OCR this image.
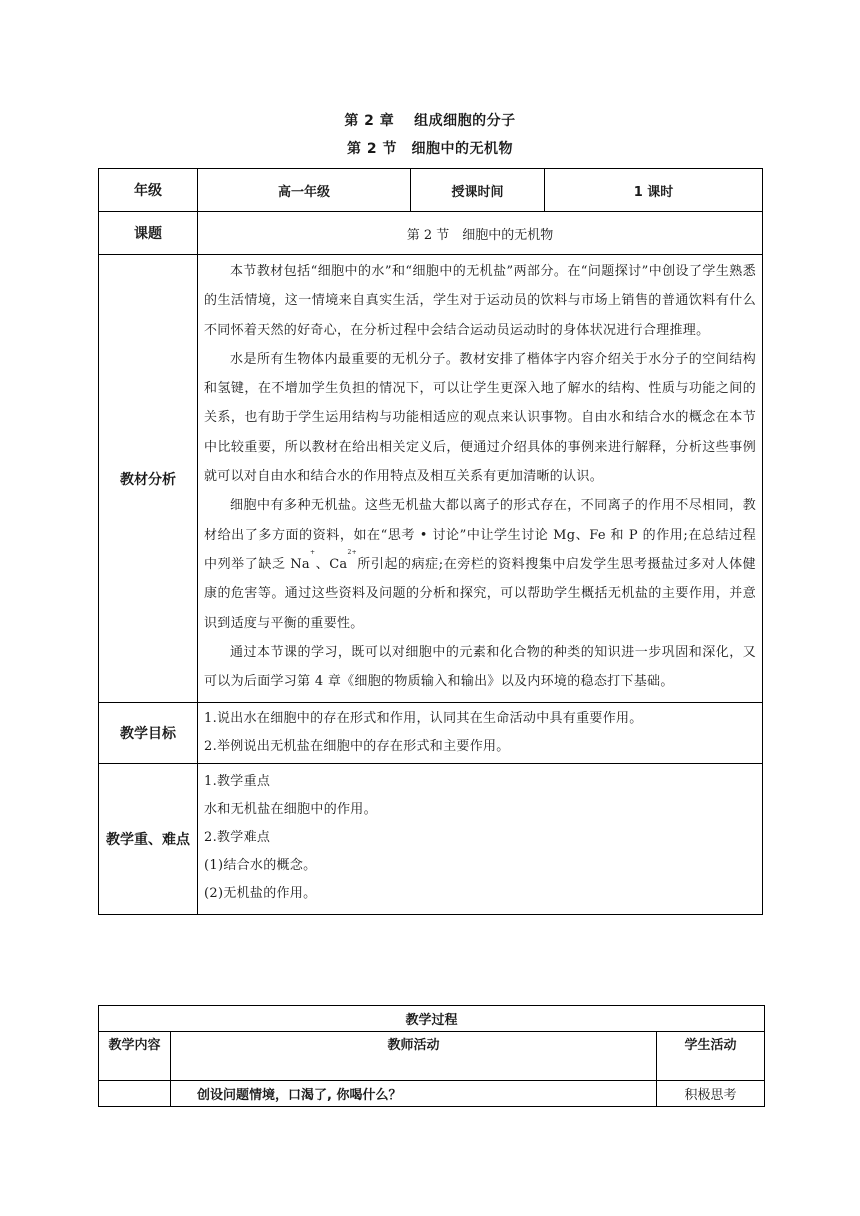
第 2 章　 组成细胞的分子
第 2 节　细胞中的无机物
年级	高一年级	授课时间	1 课时
课题	第 2 节　细胞中的无机物		
教材分析	本节教材包括“细胞中的水”和“细胞中的无机盐”两部分。在“问题探讨”中创设了学生熟悉的生活情境，这一情境来自真实生活，学生对于运动员的饮料与市场上销售的普通饮料有什么不同怀着天然的好奇心，在分析过程中会结合运动员运动时的身体状况进行合理推理。

水是所有生物体内最重要的无机分子。教材安排了楷体字内容介绍关于水分子的空间结构和氢键，在不增加学生负担的情况下，可以让学生更深入地了解水的结构、性质与功能之间的关系，也有助于学生运用结构与功能相适应的观点来认识事物。自由水和结合水的概念在本节中比较重要，所以教材在给出相关定义后，便通过介绍具体的事例来进行解释，分析这些事例就可以对自由水和结合水的作用特点及相互关系有更加清晰的认识。

细胞中有多种无机盐。这些无机盐大都以离子的形式存在，不同离子的作用不尽相同，教材给出了多方面的资料，如在“思考 • 讨论”中让学生讨论 Mg、Fe 和 P 的作用;在总结过程中列举了缺乏 Na+、$Ca^{2+}$所引起的病症;在旁栏的资料搜集中启发学生思考摄盐过多对人体健康的危害等。通过这些资料及问题的分析和探究，可以帮助学生概括无机盐的主要作用，并意识到适度与平衡的重要性。

通过本节课的学习，既可以对细胞中的元素和化合物的种类的知识进一步巩固和深化，又可以为后面学习第 4 章《细胞的物质输入和输出》以及内环境的稳态打下基础。		

教学目标	1.说出水在细胞中的存在形式和作用，认同其在生命活动中具有重要作用。
2.举例说出无机盐在细胞中的存在形式和主要作用。		

教学重、难点	1.教学重点
水和无机盐在细胞中的作用。
2.教学难点
(1)结合水的概念。
(2)无机盐的作用。		
教学过程		
教学内容	教师活动	学生活动
	创设问题情境，口渴了, 你喝什么？	积极思考
